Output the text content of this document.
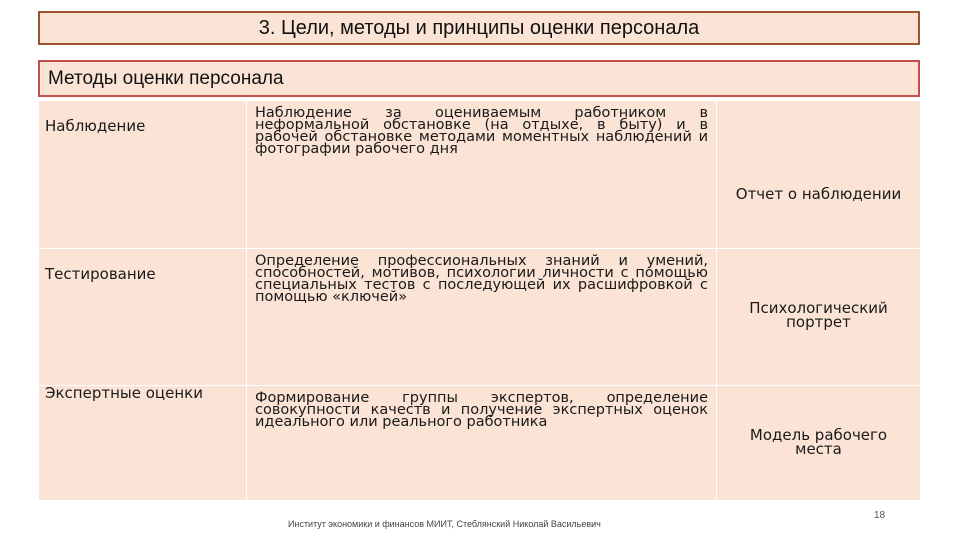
3. Цели, методы и принципы оценки персонала
Методы оценки персонала
Наблюдение	Наблюдение за оцениваемым работником в неформальной обстановке (на отдыхе, в быту) и в рабочей обстановке методами моментных наблюдений и фотографии рабочего дня	Отчет о наблюдении

Тестирование	Определение профессиональных знаний и умений, способностей, мотивов, психологии личности с помощью специальных тестов с последующей их расшифровкой с помощью «ключей»	Психологический портрет

Экспертные оценки	Формирование группы экспертов, определение совокупности качеств и получение экспертных оценок идеального или реального работника	Модель рабочего места
Институт экономики и финансов МИИТ, Стеблянский Николай Васильевич
18
